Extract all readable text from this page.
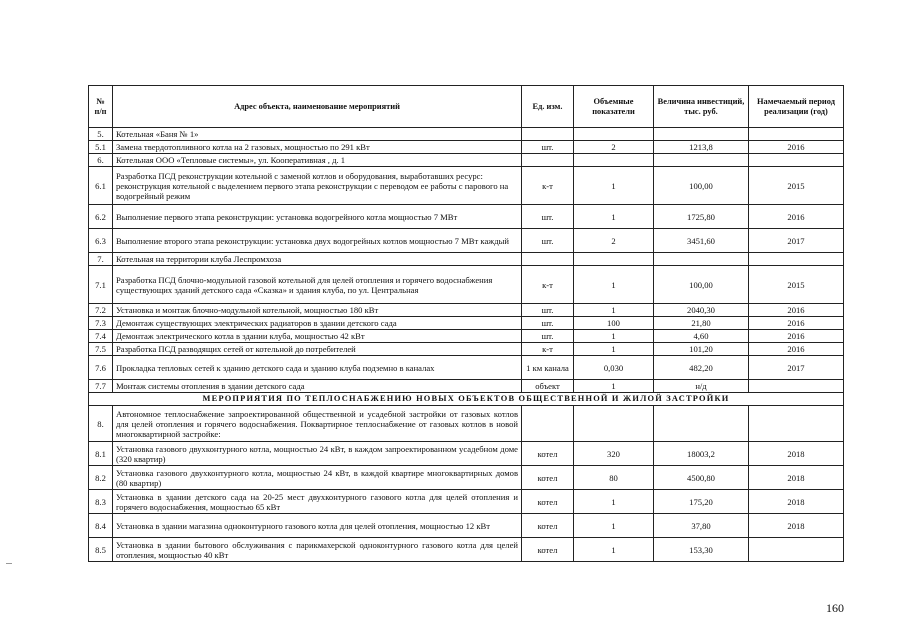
№ п/п	Адрес объекта, наименование мероприятий	Ед. изм.	Объемные показатели	Величина инвестиций, тыс. руб.	Намечаемый период реализации (год)
5.	Котельная «Баня № 1»				
5.1	Замена твердотопливного котла на 2 газовых, мощностью по 291 кВт	шт.	2	1213,8	2016
6.	Котельная ООО «Тепловые системы», ул. Кооперативная , д. 1				
6.1	Разработка ПСД реконструкции котельной с заменой котлов и оборудования, выработавших ресурс: реконструкция котельной с выделением первого этапа реконструкции с переводом ее работы с парового на водогрейный режим	к-т	1	100,00	2015
6.2	Выполнение первого этапа реконструкции: установка водогрейного котла мощностью 7 МВт	шт.	1	1725,80	2016
6.3	Выполнение второго этапа реконструкции: установка двух водогрейных котлов мощностью 7 МВт каждый	шт.	2	3451,60	2017
7.	Котельная на территории клуба Леспромхоза				
7.1	Разработка ПСД блочно-модульной газовой котельной для целей отопления и горячего водоснабжения существующих зданий детского сада «Сказка» и здания клуба, по ул. Центральная	к-т	1	100,00	2015
7.2	Установка и монтаж блочно-модульной котельной, мощностью 180 кВт	шт.	1	2040,30	2016
7.3	Демонтаж существующих электрических радиаторов в здании детского сада	шт.	100	21,80	2016
7.4	Демонтаж электрического котла в здании клуба, мощностью 42 кВт	шт.	1	4,60	2016
7.5	Разработка ПСД разводящих сетей от котельной до потребителей	к-т	1	101,20	2016
7.6	Прокладка тепловых сетей к зданию детского сада и зданию клуба подземно в каналах	1 км канала	0,030	482,20	2017
7.7	Монтаж системы отопления в здании детского сада	объект	1	н/д	
МЕРОПРИЯТИЯ ПО ТЕПЛОСНАБЖЕНИЮ НОВЫХ ОБЪЕКТОВ ОБЩЕСТВЕННОЙ И ЖИЛОЙ ЗАСТРОЙКИ					
8.	Автономное теплоснабжение запроектированной общественной и усадебной застройки от газовых котлов для целей отопления и горячего водоснабжения. Поквартирное теплоснабжение от газовых котлов в новой многоквартирной застройке:				
8.1	Установка газового двухконтурного котла, мощностью 24 кВт, в каждом запроектированном усадебном доме (320 квартир)	котел	320	18003,2	2018
8.2	Установка газового двухконтурного котла, мощностью 24 кВт, в каждой квартире многоквартирных домов (80 квартир)	котел	80	4500,80	2018
8.3	Установка в здании детского сада на 20-25 мест двухконтурного газового котла для целей отопления и горячего водоснабжения, мощностью 65 кВт	котел	1	175,20	2018
8.4	Установка в здании магазина одноконтурного газового котла для целей отопления, мощностью 12 кВт	котел	1	37,80	2018
8.5	Установка в здании бытового обслуживания с парикмахерской одноконтурного газового котла для целей отопления, мощностью 40 кВт	котел	1	153,30	
160
